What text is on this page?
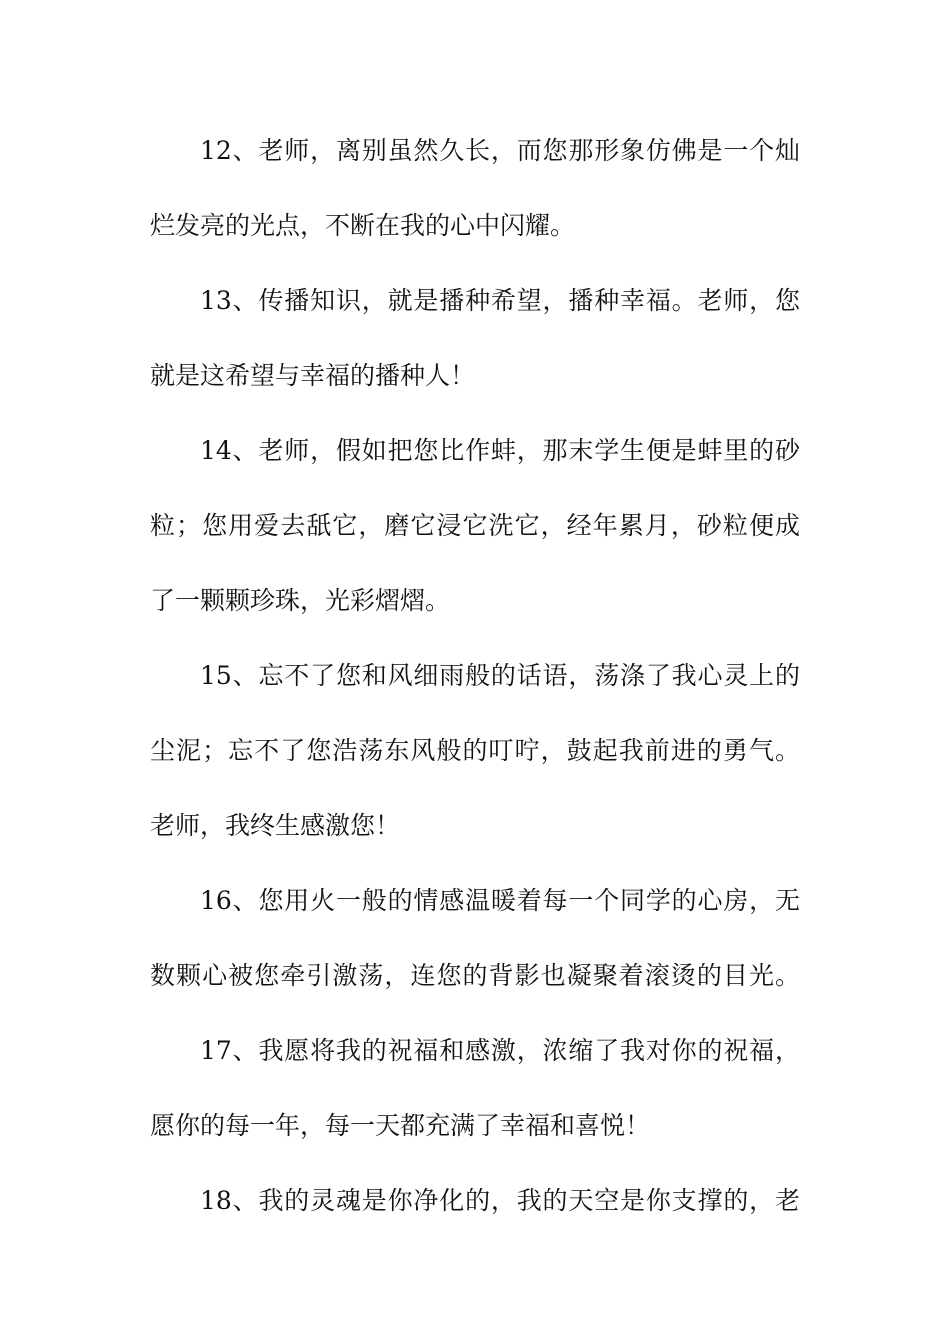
12、老师，离别虽然久长，而您那形象仿佛是一个灿
烂发亮的光点，不断在我的心中闪耀。
13、传播知识，就是播种希望，播种幸福。老师，您
就是这希望与幸福的播种人！
14、老师，假如把您比作蚌，那末学生便是蚌里的砂
粒；您用爱去舐它，磨它浸它洗它，经年累月，砂粒便成
了一颗颗珍珠，光彩熠熠。
15、忘不了您和风细雨般的话语，荡涤了我心灵上的
尘泥；忘不了您浩荡东风般的叮咛，鼓起我前进的勇气。
老师，我终生感激您！
16、您用火一般的情感温暖着每一个同学的心房，无
数颗心被您牵引激荡，连您的背影也凝聚着滚烫的目光。
17、我愿将我的祝福和感激，浓缩了我对你的祝福，
愿你的每一年，每一天都充满了幸福和喜悦！
18、我的灵魂是你净化的，我的天空是你支撑的，老
